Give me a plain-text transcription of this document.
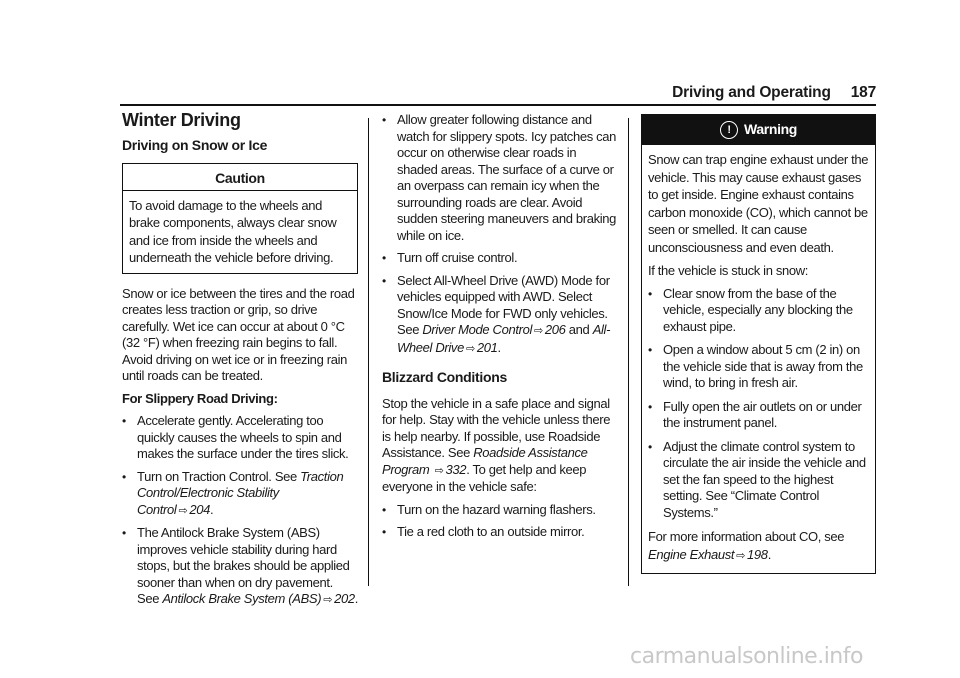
Driving and Operating 187
Winter Driving
Driving on Snow or Ice
Caution
To avoid damage to the wheels and brake components, always clear snow and ice from inside the wheels and underneath the vehicle before driving.

Snow or ice between the tires and the road creates less traction or grip, so drive carefully. Wet ice can occur at about 0 °C (32 °F) when freezing rain begins to fall. Avoid driving on wet ice or in freezing rain until roads can be treated.

For Slippery Road Driving:

• Accelerate gently. Accelerating too quickly causes the wheels to spin and makes the surface under the tires slick.
• Turn on Traction Control. See Traction Control/Electronic Stability Control ⇨ 204.
• The Antilock Brake System (ABS) improves vehicle stability during hard stops, but the brakes should be applied sooner than when on dry pavement. See Antilock Brake System (ABS) ⇨ 202.
• Allow greater following distance and watch for slippery spots. Icy patches can occur on otherwise clear roads in shaded areas. The surface of a curve or an overpass can remain icy when the surrounding roads are clear. Avoid sudden steering maneuvers and braking while on ice.
• Turn off cruise control.
• Select All-Wheel Drive (AWD) Mode for vehicles equipped with AWD. Select Snow/Ice Mode for FWD only vehicles. See Driver Mode Control ⇨ 206 and All-Wheel Drive ⇨ 201.
Blizzard Conditions

Stop the vehicle in a safe place and signal for help. Stay with the vehicle unless there is help nearby. If possible, use Roadside Assistance. See Roadside Assistance Program ⇨ 332. To get help and keep everyone in the vehicle safe:

• Turn on the hazard warning flashers.
• Tie a red cloth to an outside mirror.
! Warning

Snow can trap engine exhaust under the vehicle. This may cause exhaust gases to get inside. Engine exhaust contains carbon monoxide (CO), which cannot be seen or smelled. It can cause unconsciousness and even death.

If the vehicle is stuck in snow:

• Clear snow from the base of the vehicle, especially any blocking the exhaust pipe.
• Open a window about 5 cm (2 in) on the vehicle side that is away from the wind, to bring in fresh air.
• Fully open the air outlets on or under the instrument panel.
• Adjust the climate control system to circulate the air inside the vehicle and set the fan speed to the highest setting. See “Climate Control Systems.”

For more information about CO, see Engine Exhaust ⇨ 198.

carmanualsonline.info
